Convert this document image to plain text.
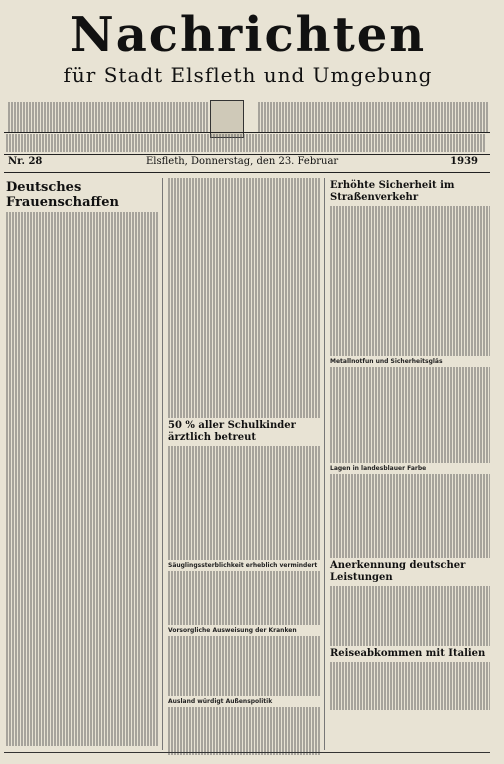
Nachrichten
für Stadt Elsfleth und Umgebung
Nr. 28	Elsfleth, Donnerstag, den 23. Februar	1939
Deutsches Frauenschaffen
50 % aller Schulkinder ärztlich betreut
Säuglingssterblichkeit erheblich vermindert
Vorsorgliche Ausweisung der Kranken
Ausland würdigt Außenspolitik
Erhöhte Sicherheit im Straßenverkehr
Metallnotfun und Sicherheitsgläs
Lagen in landesblauer Farbe
Anerkennung deutscher Leistungen
Reiseabkommen mit Italien
